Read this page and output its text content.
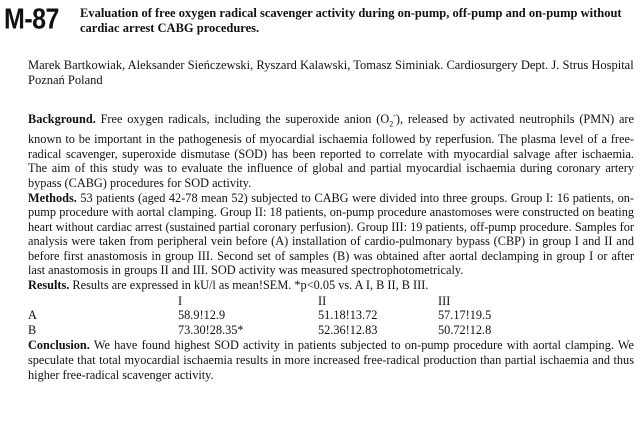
M-87 Evaluation of free oxygen radical scavenger activity during on-pump, off-pump and on-pump without cardiac arrest CABG procedures.
Marek Bartkowiak, Aleksander Sieńczewski, Ryszard Kalawski, Tomasz Siminiak. Cardiosurgery Dept. J. Strus Hospital Poznań Poland

Background. Free oxygen radicals, including the superoxide anion $(O_2^-)$, released by activated neutrophils (PMN) are known to be important in the pathogenesis of myocardial ischaemia followed by reperfusion. The plasma level of a free-radical scavenger, superoxide dismutase (SOD) has been reported to correlate with myocardial salvage after ischaemia. The aim of this study was to evaluate the influence of global and partial myocardial ischaemia during coronary artery bypass (CABG) procedures for SOD activity.

Methods. 53 patients (aged 42-78 mean 52) subjected to CABG were divided into three groups. Group I: 16 patients, on-pump procedure with aortal clamping. Group II: 18 patients, on-pump procedure anastomoses were constructed on beating heart without cardiac arrest (sustained partial coronary perfusion). Group III: 19 patients, off-pump procedure. Samples for analysis were taken from peripheral vein before (A) installation of cardio-pulmonary bypass (CBP) in group I and II and before first anastomosis in group III. Second set of samples (B) was obtained after aortal declamping in group I or after last anastomosis in groups II and III. SOD activity was measured spectrophotometricaly.

Results. Results are expressed in kU/l as mean!SEM. *p<0.05 vs. A I, B II, B III.

	I	II	III
A	58.9!12.9	51.18!13.72	57.17!19.5
B	73.30!28.35*	52.36!12.83	50.72!12.8

Conclusion. We have found highest SOD activity in patients subjected to on-pump procedure with aortal clamping. We speculate that total myocardial ischaemia results in more increased free-radical production than partial ischaemia and thus higher free-radical scavenger activity.
